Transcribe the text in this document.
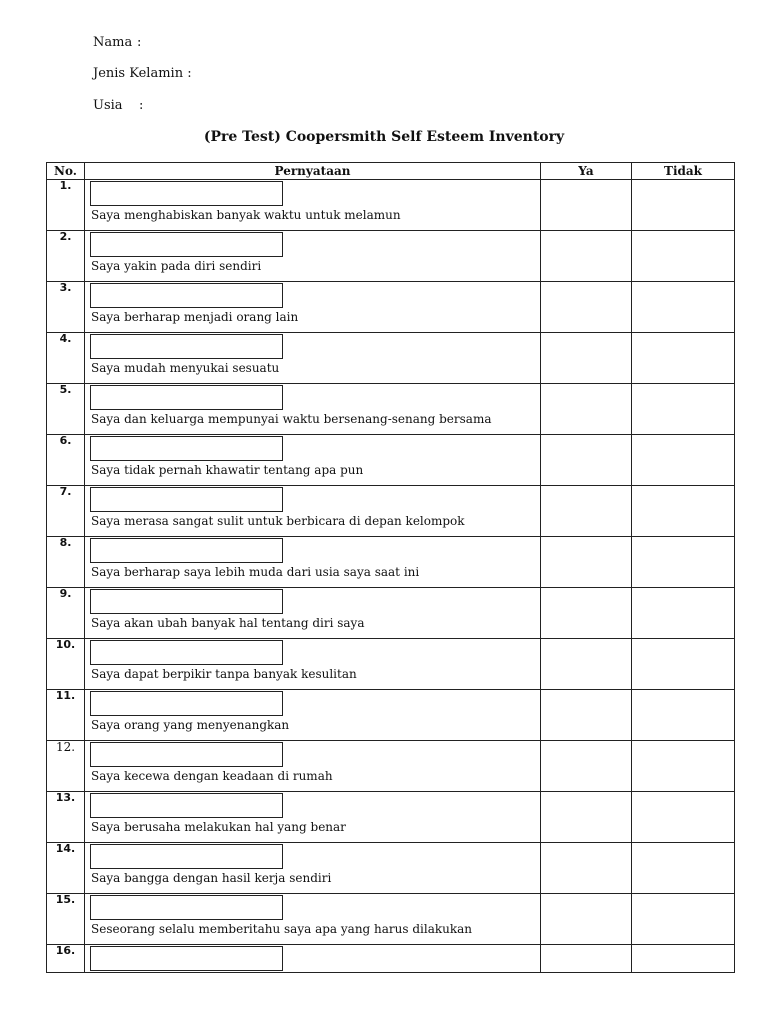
Nama :
Jenis Kelamin :
Usia :
(Pre Test) Coopersmith Self Esteem Inventory
No.	Pernyataan	Ya	Tidak
1.	Saya menghabiskan banyak waktu untuk melamun		

2.	Saya yakin pada diri sendiri		

3.	Saya berharap menjadi orang lain		

4.	Saya mudah menyukai sesuatu		

5.	Saya dan keluarga mempunyai waktu bersenang-senang bersama		

6.	Saya tidak pernah khawatir tentang apa pun		

7.	Saya merasa sangat sulit untuk berbicara di depan kelompok		

8.	Saya berharap saya lebih muda dari usia saya saat ini		

9.	Saya akan ubah banyak hal tentang diri saya		

10.	Saya dapat berpikir tanpa banyak kesulitan		

11.	Saya orang yang menyenangkan		

12.	Saya kecewa dengan keadaan di rumah		

13.	Saya berusaha melakukan hal yang benar		

14.	Saya bangga dengan hasil kerja sendiri		

15.	Seseorang selalu memberitahu saya apa yang harus dilakukan		

16.	
